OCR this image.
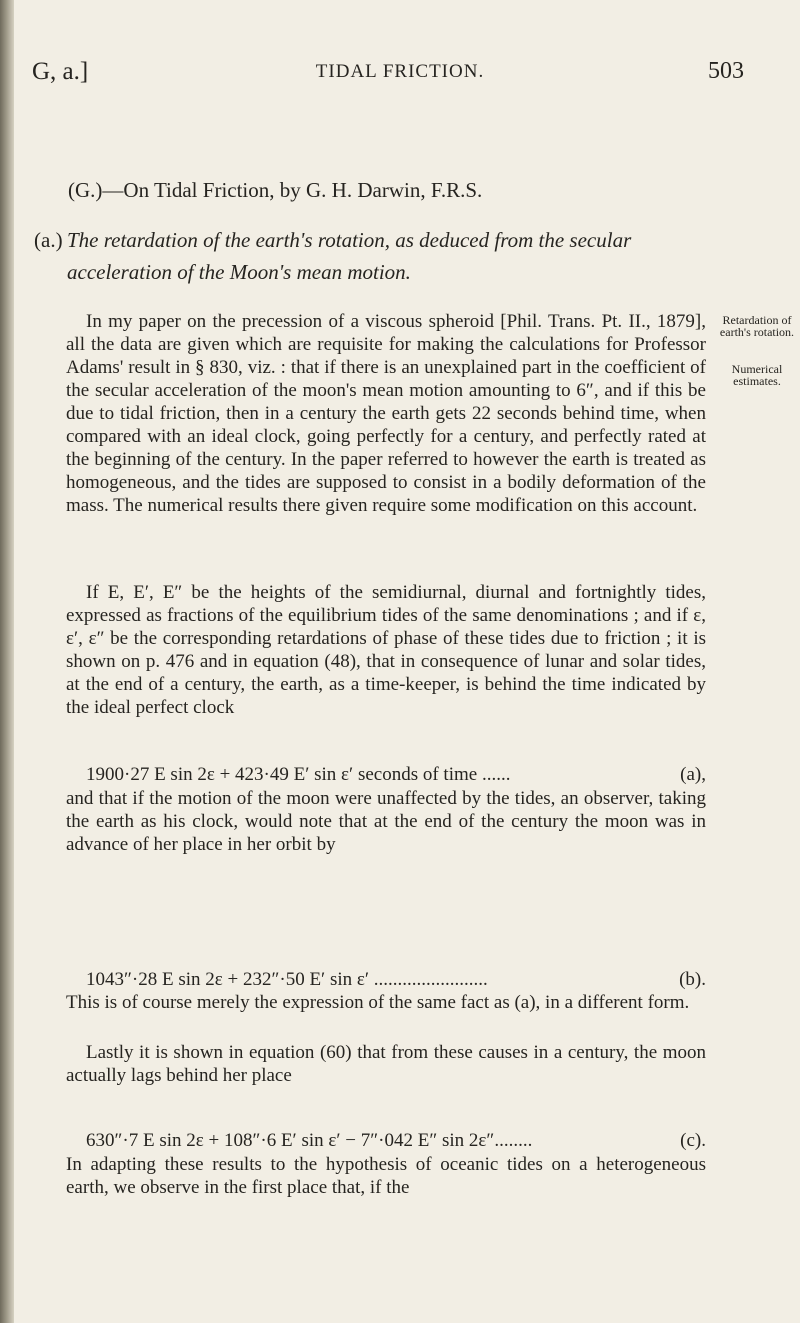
G, a.]	TIDAL FRICTION.	503
(G.)—On Tidal Friction, by G. H. Darwin, F.R.S.
(a.) The retardation of the earth's rotation, as deduced from the secular acceleration of the Moon's mean motion.
In my paper on the precession of a viscous spheroid [Phil. Trans. Pt. II., 1879], all the data are given which are requisite for making the calculations for Professor Adams' result in § 830, viz. : that if there is an unexplained part in the coefficient of the secular acceleration of the moon's mean motion amounting to 6″, and if this be due to tidal friction, then in a century the earth gets 22 seconds behind time, when compared with an ideal clock, going perfectly for a century, and perfectly rated at the beginning of the century. In the paper referred to however the earth is treated as homogeneous, and the tides are supposed to consist in a bodily deformation of the mass. The numerical results there given require some modification on this account.
If E, E′, E″ be the heights of the semidiurnal, diurnal and fortnightly tides, expressed as fractions of the equilibrium tides of the same denominations ; and if ε, ε′, ε″ be the corresponding retardations of phase of these tides due to friction ; it is shown on p. 476 and in equation (48), that in consequence of lunar and solar tides, at the end of a century, the earth, as a time-keeper, is behind the time indicated by the ideal perfect clock
1900·27 E sin 2ε + 423·49 E′ sin ε′ seconds of time ......	(a),
and that if the motion of the moon were unaffected by the tides, an observer, taking the earth as his clock, would note that at the end of the century the moon was in advance of her place in her orbit by
1043″·28 E sin 2ε + 232″·50 E′ sin ε′ ........................	(b).
This is of course merely the expression of the same fact as (a), in a different form.
Lastly it is shown in equation (60) that from these causes in a century, the moon actually lags behind her place
630″·7 E sin 2ε + 108″·6 E′ sin ε′ − 7″·042 E″ sin 2ε″........	(c).
In adapting these results to the hypothesis of oceanic tides on a heterogeneous earth, we observe in the first place that, if the
Retardation of earth's rotation.
Numerical estimates.
